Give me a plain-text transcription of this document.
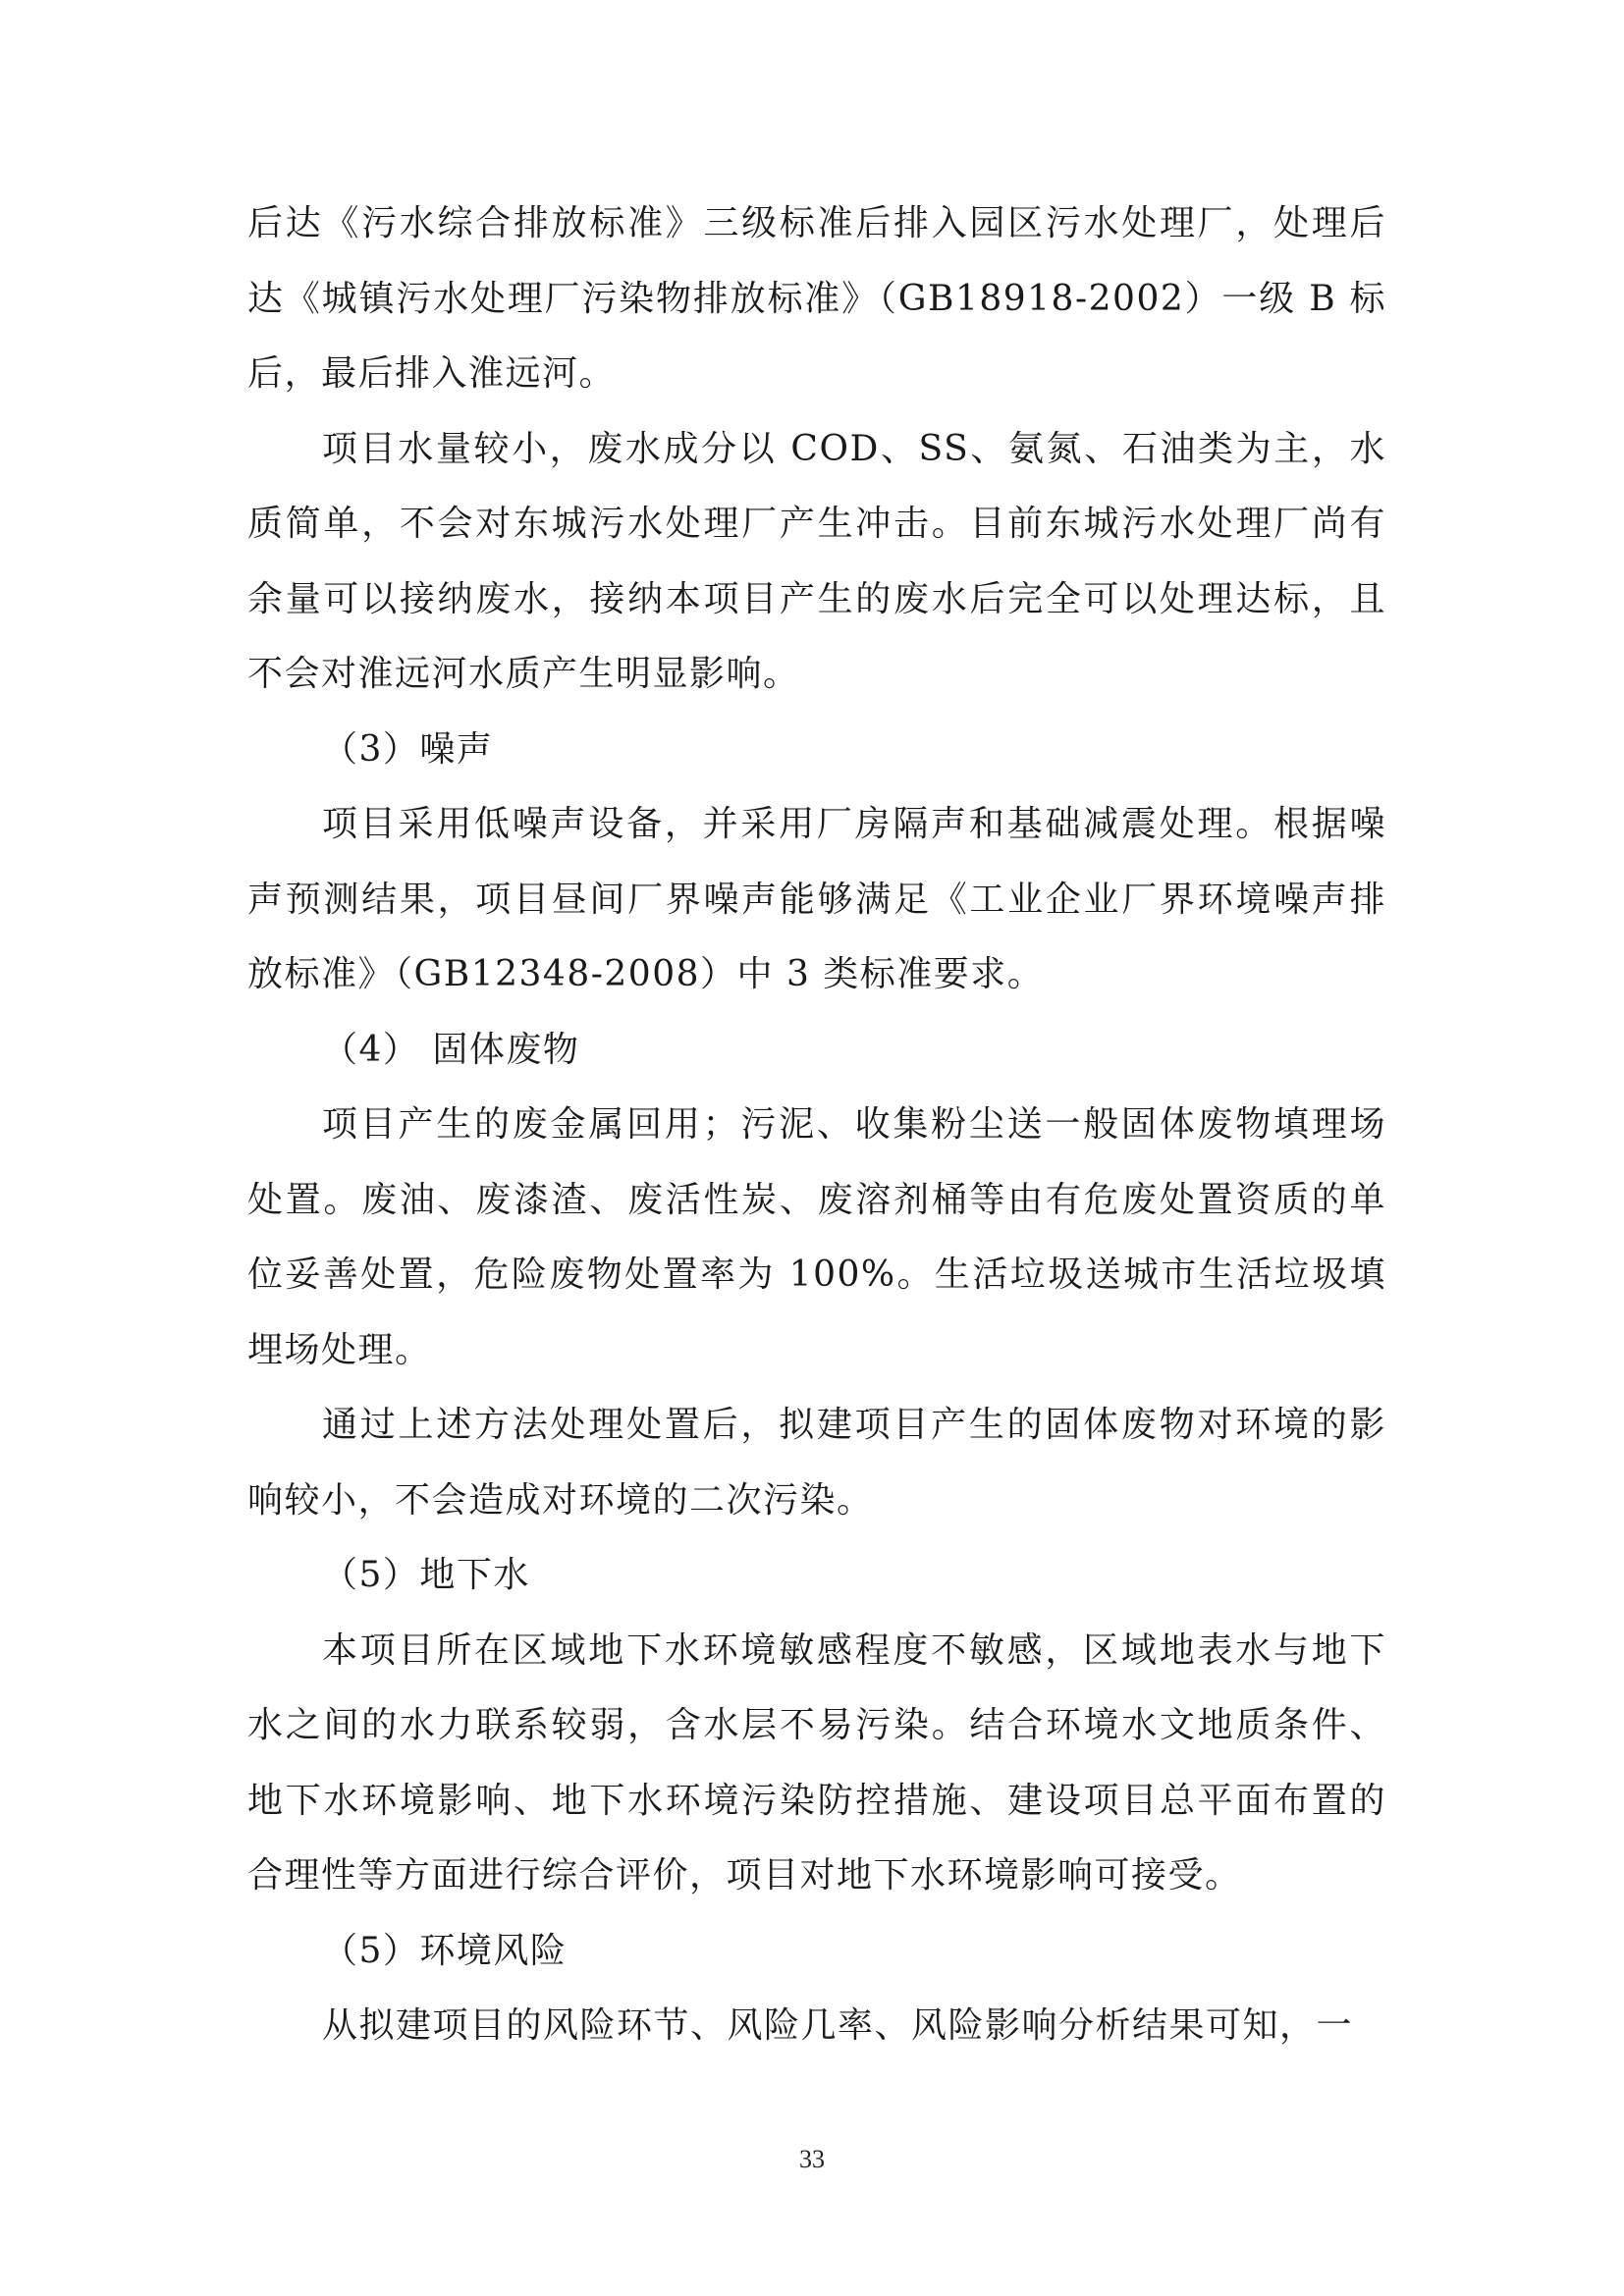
后达《污水综合排放标准》三级标准后排入园区污水处理厂，处理后达《城镇污水处理厂污染物排放标准》（GB18918-2002）一级 B 标后，最后排入淮远河。

项目水量较小，废水成分以 COD、SS、氨氮、石油类为主，水质简单，不会对东城污水处理厂产生冲击。目前东城污水处理厂尚有余量可以接纳废水，接纳本项目产生的废水后完全可以处理达标，且不会对淮远河水质产生明显影响。

（3）噪声

项目采用低噪声设备，并采用厂房隔声和基础减震处理。根据噪声预测结果，项目昼间厂界噪声能够满足《工业企业厂界环境噪声排放标准》（GB12348-2008）中 3 类标准要求。

（4） 固体废物

项目产生的废金属回用；污泥、收集粉尘送一般固体废物填理场处置。废油、废漆渣、废活性炭、废溶剂桶等由有危废处置资质的单位妥善处置，危险废物处置率为 100%。生活垃圾送城市生活垃圾填埋场处理。

通过上述方法处理处置后，拟建项目产生的固体废物对环境的影响较小，不会造成对环境的二次污染。

（5）地下水

本项目所在区域地下水环境敏感程度不敏感，区域地表水与地下水之间的水力联系较弱，含水层不易污染。结合环境水文地质条件、地下水环境影响、地下水环境污染防控措施、建设项目总平面布置的合理性等方面进行综合评价，项目对地下水环境影响可接受。

（5）环境风险

从拟建项目的风险环节、风险几率、风险影响分析结果可知，一

33
